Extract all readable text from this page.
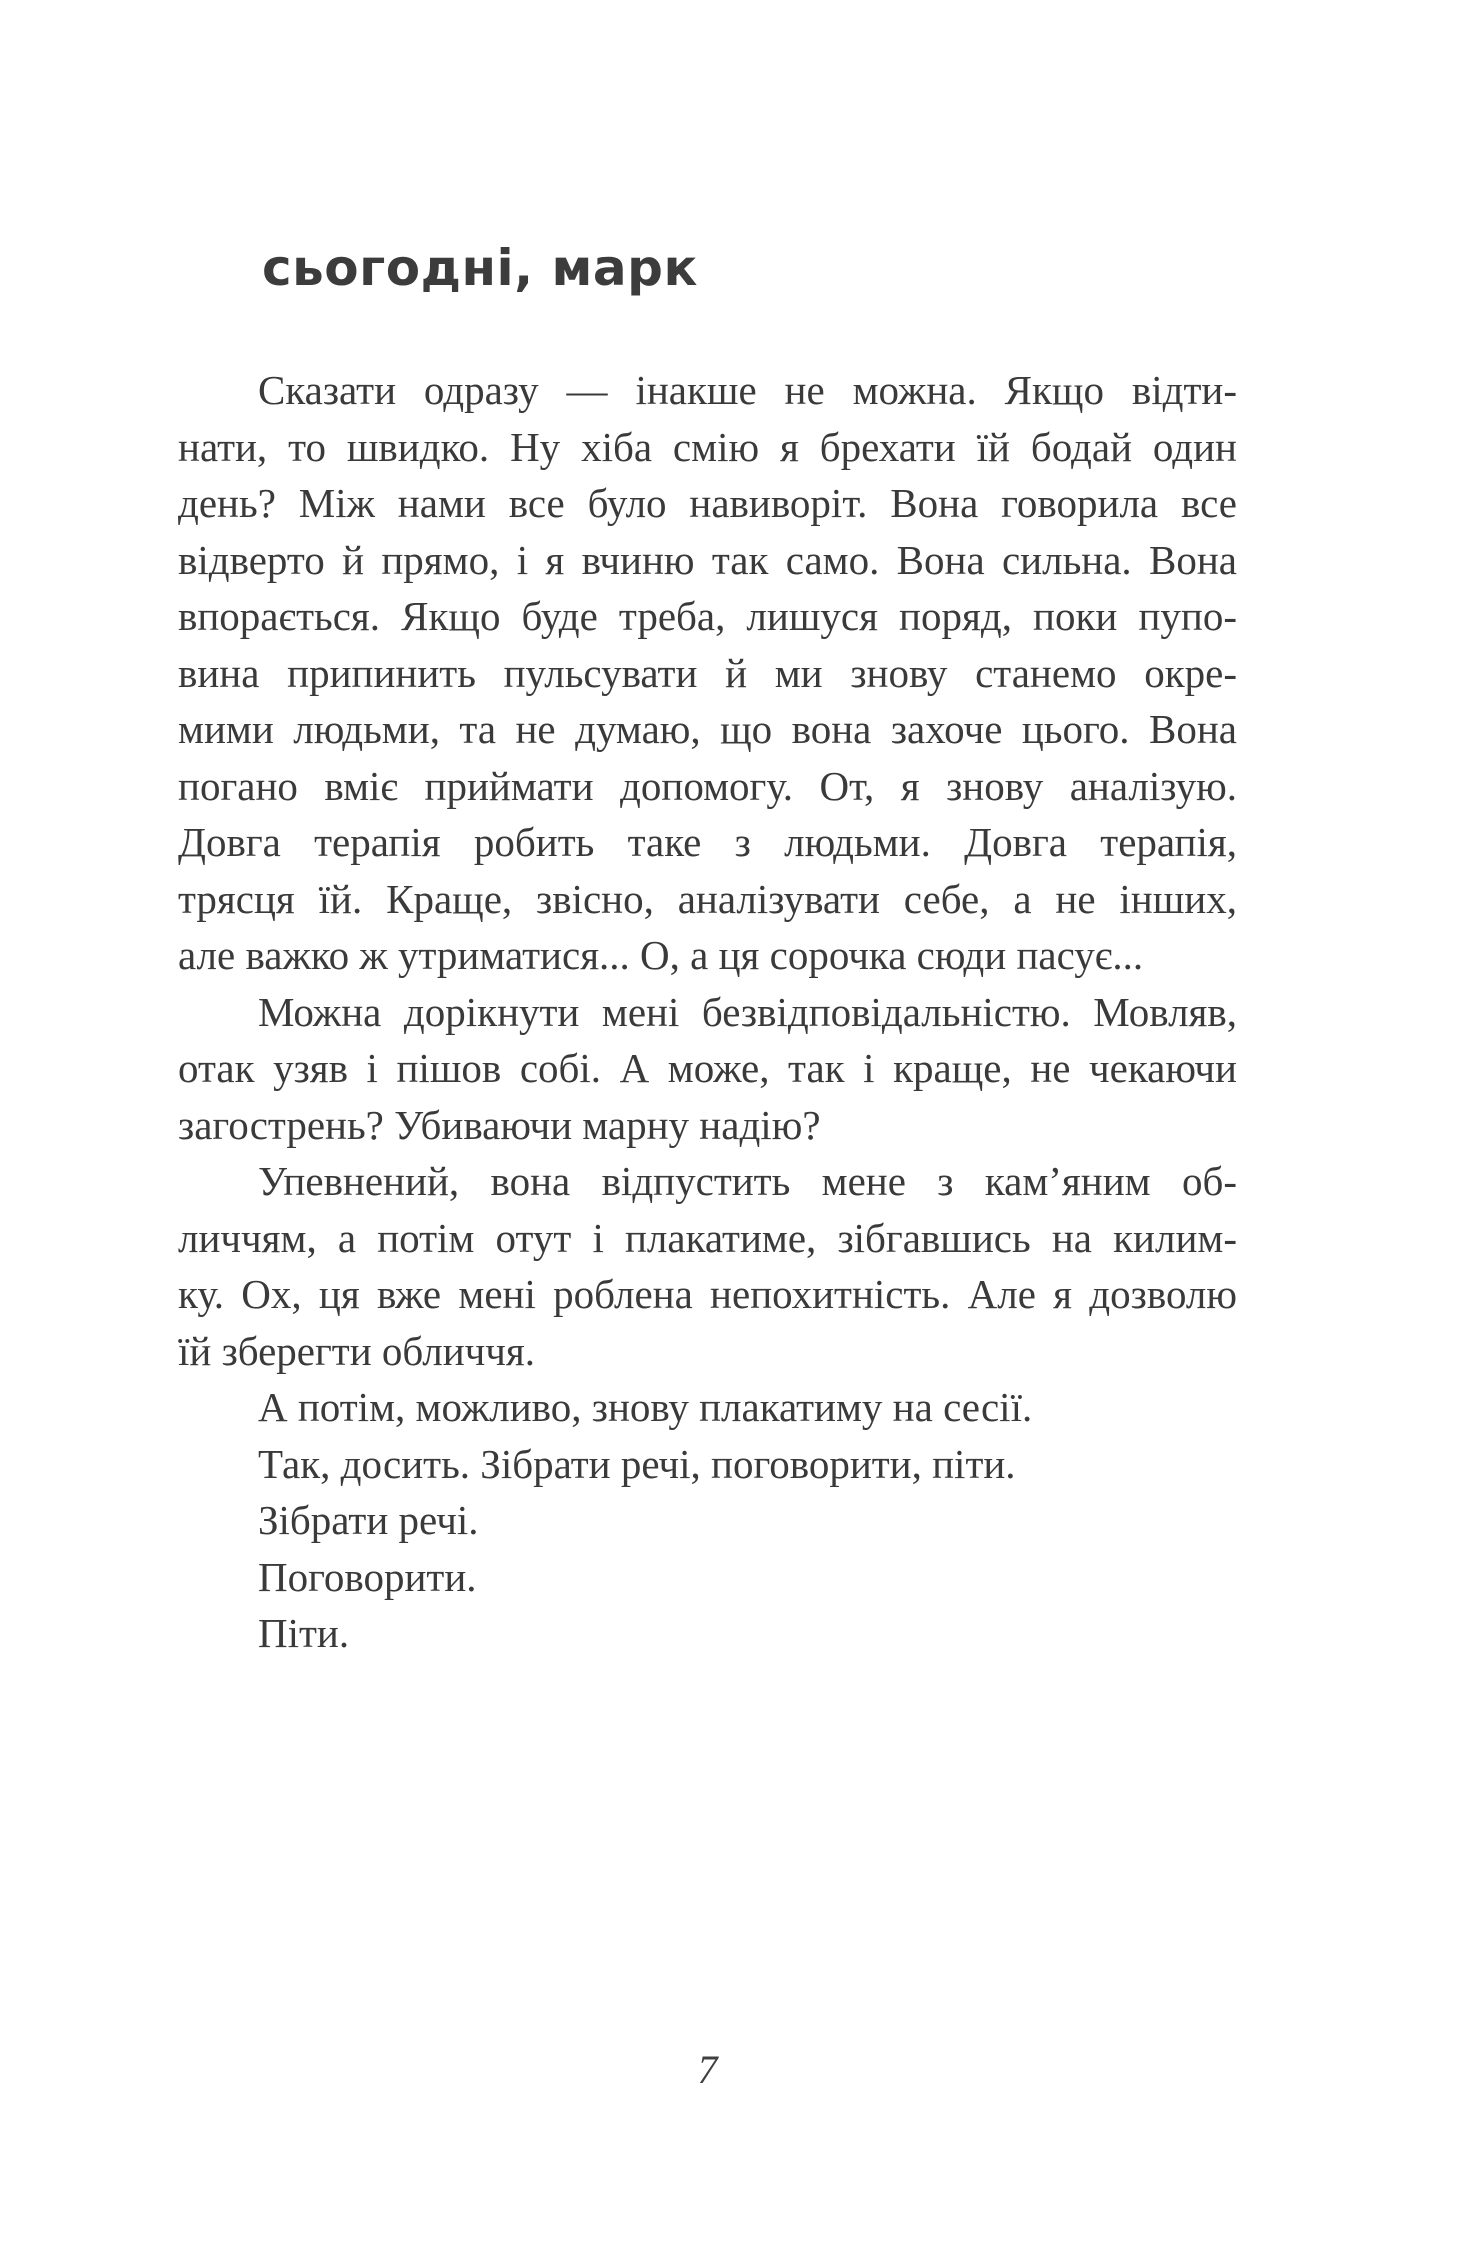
сьогодні, марк
Сказати одразу — інакше не можна. Якщо відти-
нати, то швидко. Ну хіба смію я брехати їй бодай один
день? Між нами все було навиворіт. Вона говорила все
відверто й прямо, і я вчиню так само. Вона сильна. Вона
впорається. Якщо буде треба, лишуся поряд, поки пупо-
вина припинить пульсувати й ми знову станемо окре-
мими людьми, та не думаю, що вона захоче цього. Вона
погано вміє приймати допомогу. От, я знову аналізую.
Довга терапія робить таке з людьми. Довга терапія,
трясця їй. Краще, звісно, аналізувати себе, а не інших,
але важко ж утриматися... О, а ця сорочка сюди пасує...
Можна дорікнути мені безвідповідальністю. Мовляв,
отак узяв і пішов собі. А може, так і краще, не чекаючи
загострень? Убиваючи марну надію?
Упевнений, вона відпустить мене з кам’яним об-
личчям, а потім отут і плакатиме, зібгавшись на килим-
ку. Ох, ця вже мені роблена непохитність. Але я дозволю
їй зберегти обличчя.
А потім, можливо, знову плакатиму на сесії.
Так, досить. Зібрати речі, поговорити, піти.
Зібрати речі.
Поговорити.
Піти.
7
